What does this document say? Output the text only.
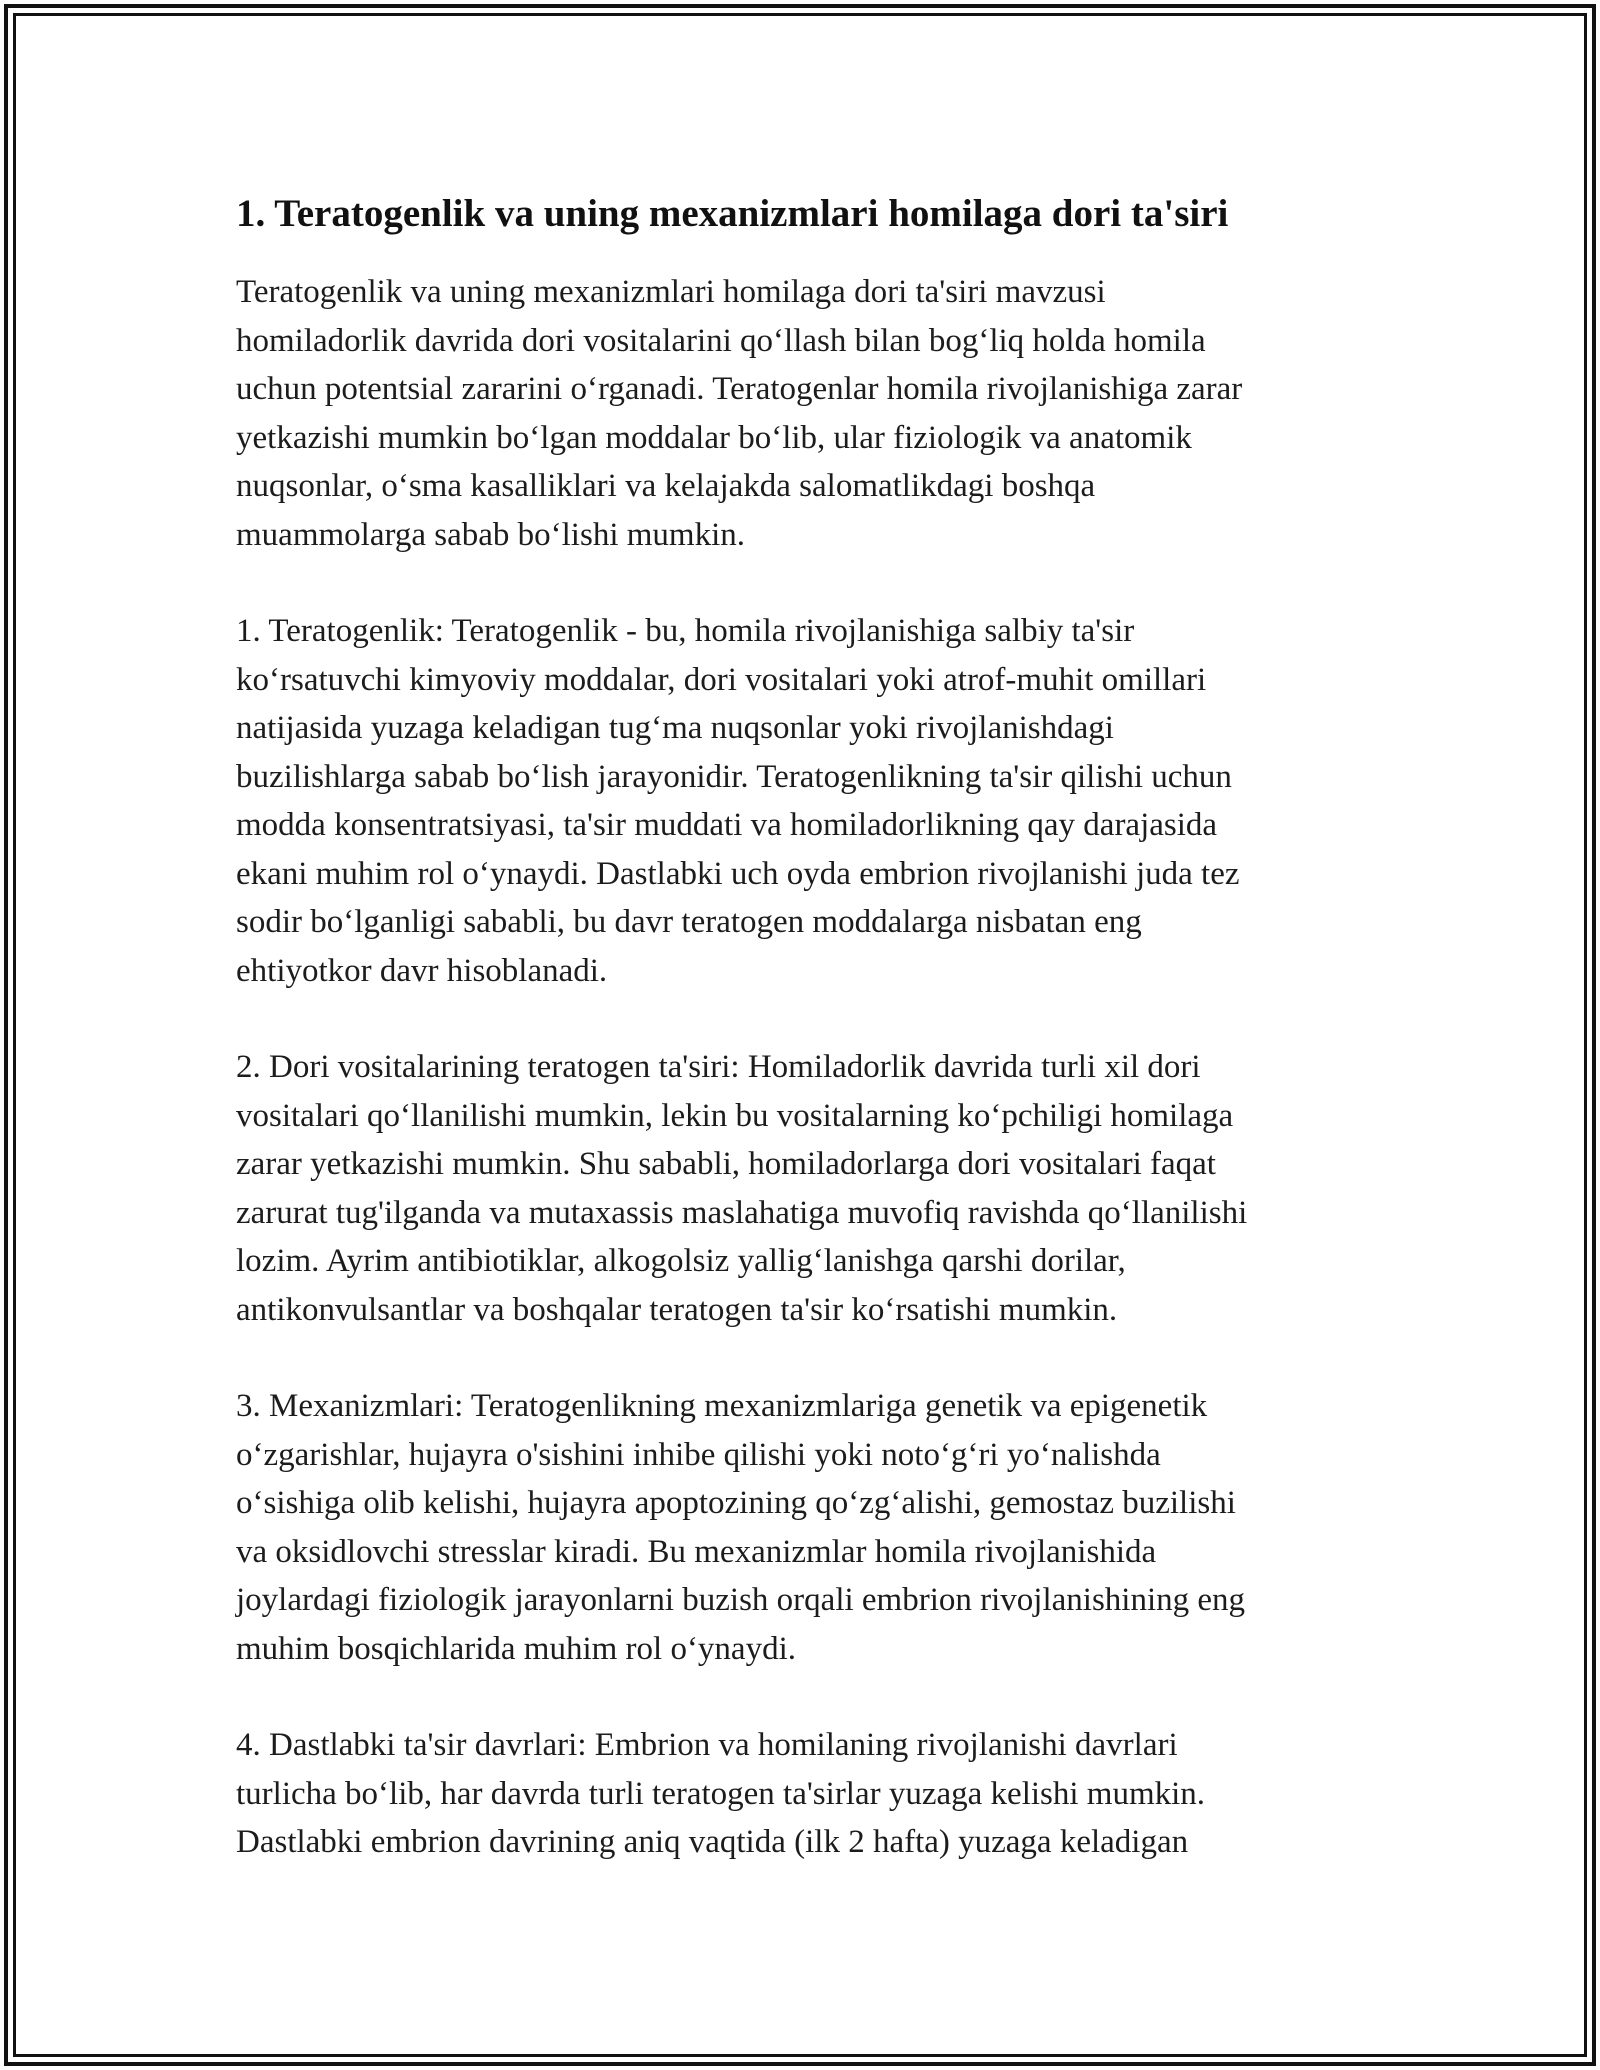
1. Teratogenlik va uning mexanizmlari homilaga dori ta'siri

Teratogenlik va uning mexanizmlari homilaga dori ta'siri mavzusi
homiladorlik davrida dori vositalarini qoʻllash bilan bogʻliq holda homila
uchun potentsial zararini oʻrganadi. Teratogenlar homila rivojlanishiga zarar
yetkazishi mumkin boʻlgan moddalar boʻlib, ular fiziologik va anatomik
nuqsonlar, oʻsma kasalliklari va kelajakda salomatlikdagi boshqa
muammolarga sabab boʻlishi mumkin.

1. Teratogenlik: Teratogenlik - bu, homila rivojlanishiga salbiy ta'sir
koʻrsatuvchi kimyoviy moddalar, dori vositalari yoki atrof-muhit omillari
natijasida yuzaga keladigan tugʻma nuqsonlar yoki rivojlanishdagi
buzilishlarga sabab boʻlish jarayonidir. Teratogenlikning ta'sir qilishi uchun
modda konsentratsiyasi, ta'sir muddati va homiladorlikning qay darajasida
ekani muhim rol oʻynaydi. Dastlabki uch oyda embrion rivojlanishi juda tez
sodir boʻlganligi sababli, bu davr teratogen moddalarga nisbatan eng
ehtiyotkor davr hisoblanadi.

2. Dori vositalarining teratogen ta'siri: Homiladorlik davrida turli xil dori
vositalari qoʻllanilishi mumkin, lekin bu vositalarning koʻpchiligi homilaga
zarar yetkazishi mumkin. Shu sababli, homiladorlarga dori vositalari faqat
zarurat tug'ilganda va mutaxassis maslahatiga muvofiq ravishda qoʻllanilishi
lozim. Ayrim antibiotiklar, alkogolsiz yalligʻlanishga qarshi dorilar,
antikonvulsantlar va boshqalar teratogen ta'sir koʻrsatishi mumkin.

3. Mexanizmlari: Teratogenlikning mexanizmlariga genetik va epigenetik
oʻzgarishlar, hujayra o'sishini inhibe qilishi yoki notoʻgʻri yoʻnalishda
oʻsishiga olib kelishi, hujayra apoptozining qoʻzgʻalishi, gemostaz buzilishi
va oksidlovchi stresslar kiradi. Bu mexanizmlar homila rivojlanishida
joylardagi fiziologik jarayonlarni buzish orqali embrion rivojlanishining eng
muhim bosqichlarida muhim rol oʻynaydi.

4. Dastlabki ta'sir davrlari: Embrion va homilaning rivojlanishi davrlari
turlicha boʻlib, har davrda turli teratogen ta'sirlar yuzaga kelishi mumkin.
Dastlabki embrion davrining aniq vaqtida (ilk 2 hafta) yuzaga keladigan
